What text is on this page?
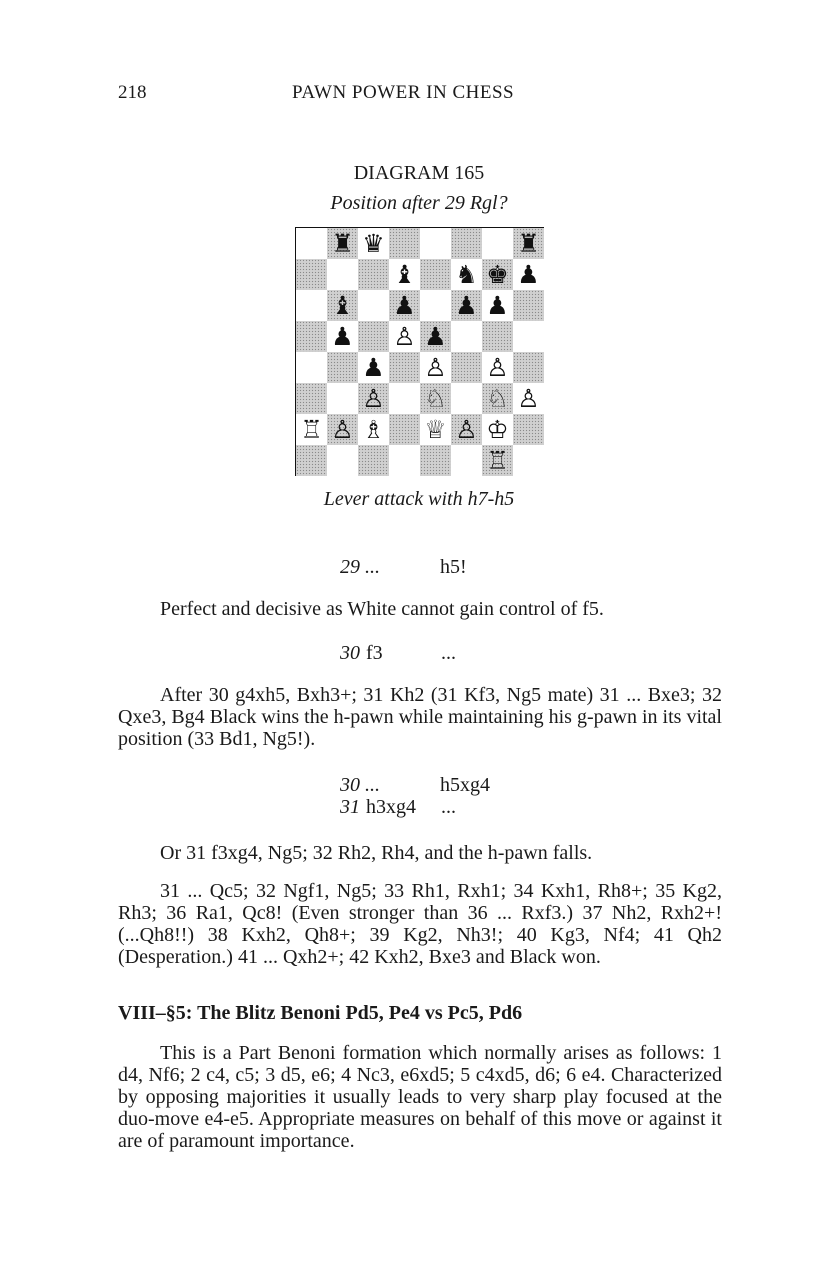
218	PAWN POWER IN CHESS
DIAGRAM 165
Position after 29 Rgl?
♜ ♛	♜
♝ ♞ ♚ ♟
♝ ♟ ♟ ♟
♟ ♙ ♟
♟ ♙ ♙
♙ ♘ ♘ ♙
♖ ♙ ♗ ♕ ♙ ♔
♖
Lever attack with h7-h5
29 ...	h5!
Perfect and decisive as White cannot gain control of f5.
30 f3	...
After 30 g4xh5, Bxh3+; 31 Kh2 (31 Kf3, Ng5 mate) 31 ... Bxe3; 32 Qxe3, Bg4 Black wins the h-pawn while maintaining his g-pawn in its vital position (33 Bd1, Ng5!).
30 ...	h5xg4
31 h3xg4 ...
Or 31 f3xg4, Ng5; 32 Rh2, Rh4, and the h-pawn falls.
31 ... Qc5; 32 Ngf1, Ng5; 33 Rh1, Rxh1; 34 Kxh1, Rh8+; 35 Kg2, Rh3; 36 Ra1, Qc8! (Even stronger than 36 ... Rxf3.) 37 Nh2, Rxh2+! (...Qh8!!) 38 Kxh2, Qh8+; 39 Kg2, Nh3!; 40 Kg3, Nf4; 41 Qh2 (Desperation.) 41 ... Qxh2+; 42 Kxh2, Bxe3 and Black won.
VIII–§5: The Blitz Benoni Pd5, Pe4 vs Pc5, Pd6
This is a Part Benoni formation which normally arises as follows: 1 d4, Nf6; 2 c4, c5; 3 d5, e6; 4 Nc3, e6xd5; 5 c4xd5, d6; 6 e4. Characterized by opposing majorities it usually leads to very sharp play focused at the duo-move e4-e5. Appropriate measures on behalf of this move or against it are of paramount importance.
